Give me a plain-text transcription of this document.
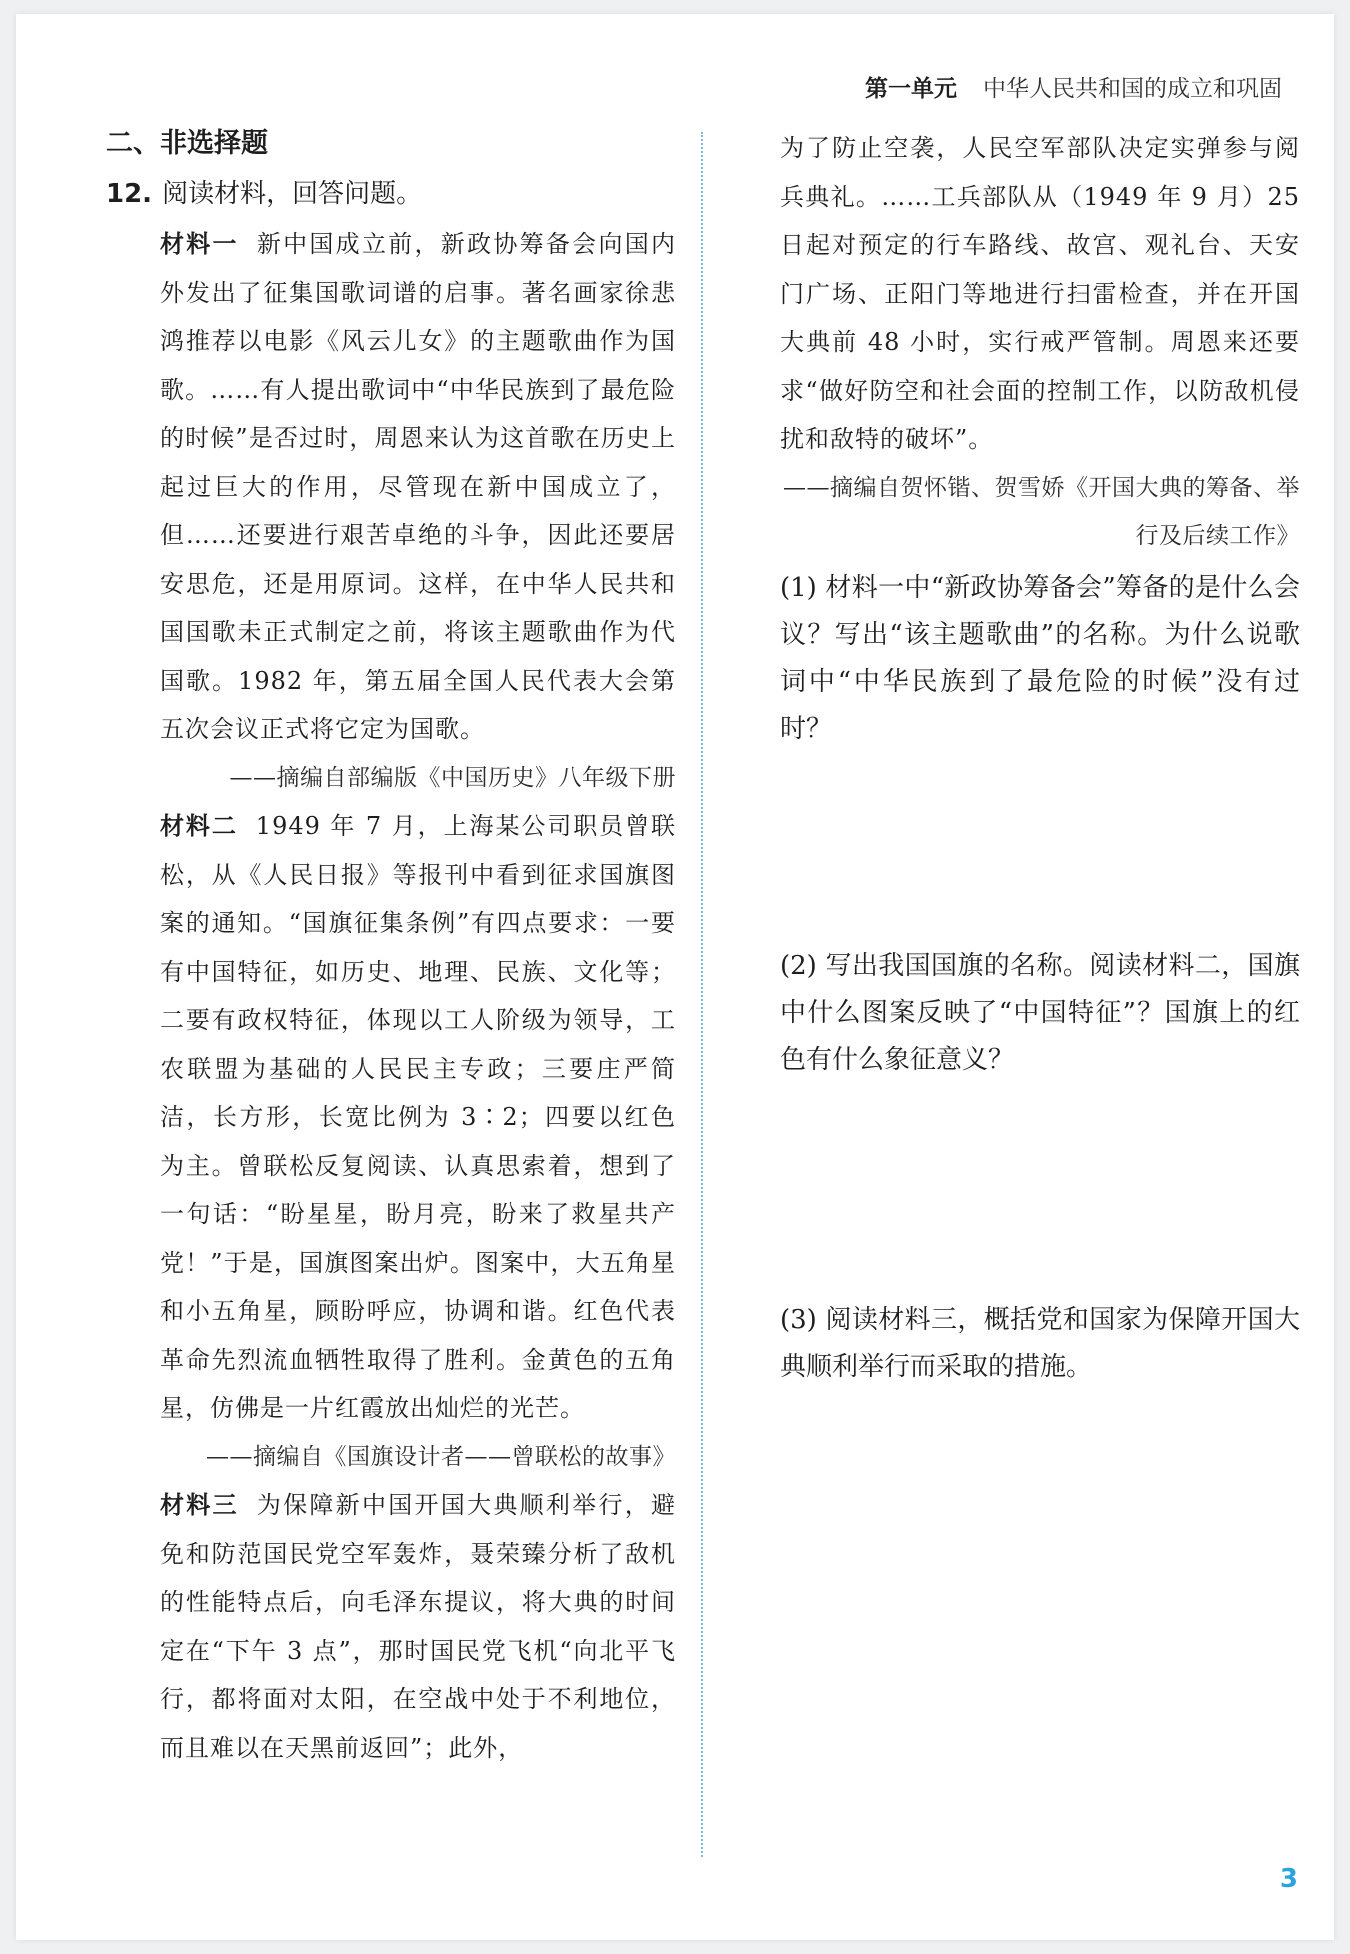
第一单元 中华人民共和国的成立和巩固
二、非选择题
12. 阅读材料，回答问题。
材料一 新中国成立前，新政协筹备会向国内外发出了征集国歌词谱的启事。著名画家徐悲鸿推荐以电影《风云儿女》的主题歌曲作为国歌。……有人提出歌词中“中华民族到了最危险的时候”是否过时，周恩来认为这首歌在历史上起过巨大的作用，尽管现在新中国成立了，但……还要进行艰苦卓绝的斗争，因此还要居安思危，还是用原词。这样，在中华人民共和国国歌未正式制定之前，将该主题歌曲作为代国歌。1982 年，第五届全国人民代表大会第五次会议正式将它定为国歌。
——摘编自部编版《中国历史》八年级下册
材料二 1949 年 7 月，上海某公司职员曾联松，从《人民日报》等报刊中看到征求国旗图案的通知。“国旗征集条例”有四点要求：一要有中国特征，如历史、地理、民族、文化等；二要有政权特征，体现以工人阶级为领导，工农联盟为基础的人民民主专政；三要庄严简洁，长方形，长宽比例为 3∶2；四要以红色为主。曾联松反复阅读、认真思索着，想到了一句话：“盼星星，盼月亮，盼来了救星共产党！”于是，国旗图案出炉。图案中，大五角星和小五角星，顾盼呼应，协调和谐。红色代表革命先烈流血牺牲取得了胜利。金黄色的五角星，仿佛是一片红霞放出灿烂的光芒。
——摘编自《国旗设计者——曾联松的故事》
材料三 为保障新中国开国大典顺利举行，避免和防范国民党空军轰炸，聂荣臻分析了敌机的性能特点后，向毛泽东提议，将大典的时间定在“下午 3 点”，那时国民党飞机“向北平飞行，都将面对太阳，在空战中处于不利地位，而且难以在天黑前返回”；此外，
为了防止空袭，人民空军部队决定实弹参与阅兵典礼。……工兵部队从（1949 年 9 月）25 日起对预定的行车路线、故宫、观礼台、天安门广场、正阳门等地进行扫雷检查，并在开国大典前 48 小时，实行戒严管制。周恩来还要求“做好防空和社会面的控制工作，以防敌机侵扰和敌特的破坏”。
——摘编自贺怀锴、贺雪娇《开国大典的筹备、举行及后续工作》
(1) 材料一中“新政协筹备会”筹备的是什么会议？写出“该主题歌曲”的名称。为什么说歌词中“中华民族到了最危险的时候”没有过时？
(2) 写出我国国旗的名称。阅读材料二，国旗中什么图案反映了“中国特征”？国旗上的红色有什么象征意义？
(3) 阅读材料三，概括党和国家为保障开国大典顺利举行而采取的措施。
3
